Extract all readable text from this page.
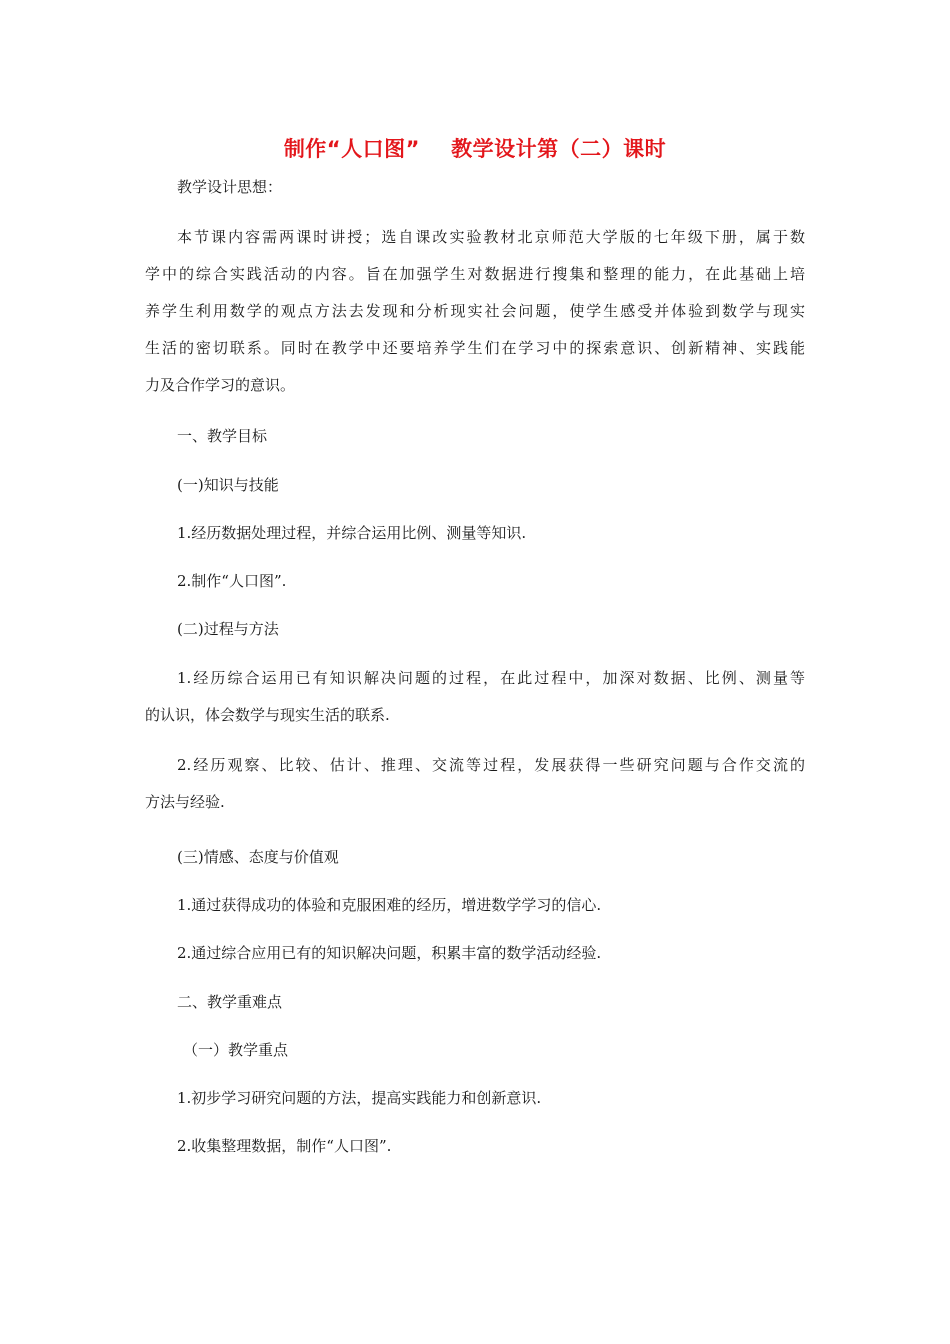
制作“人口图”    教学设计第（二）课时
教学设计思想：
本节课内容需两课时讲授；选自课改实验教材北京师范大学版的七年级下册，属于数
学中的综合实践活动的内容。旨在加强学生对数据进行搜集和整理的能力，在此基础上培
养学生利用数学的观点方法去发现和分析现实社会问题，使学生感受并体验到数学与现实
生活的密切联系。同时在教学中还要培养学生们在学习中的探索意识、创新精神、实践能
力及合作学习的意识。
一、教学目标
(一)知识与技能
1.经历数据处理过程，并综合运用比例、测量等知识.
2.制作“人口图”.
(二)过程与方法
1.经历综合运用已有知识解决问题的过程，在此过程中，加深对数据、比例、测量等
的认识，体会数学与现实生活的联系.
2.经历观察、比较、估计、推理、交流等过程，发展获得一些研究问题与合作交流的
方法与经验.
(三)情感、态度与价值观
1.通过获得成功的体验和克服困难的经历，增进数学学习的信心.
2.通过综合应用已有的知识解决问题，积累丰富的数学活动经验.
二、教学重难点
（一）教学重点
1.初步学习研究问题的方法，提高实践能力和创新意识.
2.收集整理数据，制作“人口图”.
